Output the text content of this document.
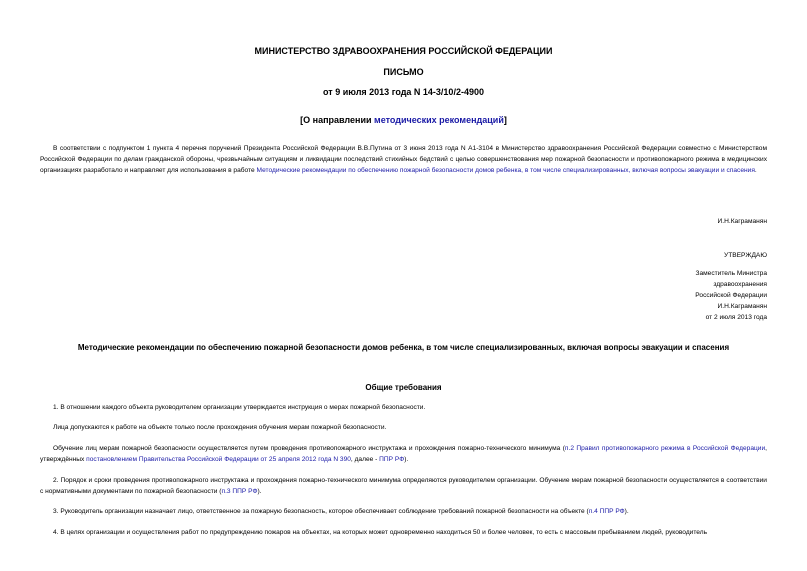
МИНИСТЕРСТВО ЗДРАВООХРАНЕНИЯ РОССИЙСКОЙ ФЕДЕРАЦИИ
ПИСЬМО
от 9 июля 2013 года N 14-3/10/2-4900
[О направлении методических рекомендаций]
В соответствии с подпунктом 1 пункта 4 перечня поручений Президента Российской Федерации В.В.Путина от 3 июня 2013 года N А1-3104 в Министерство здравоохранения Российской Федерации совместно с Министерством Российской Федерации по делам гражданской обороны, чрезвычайным ситуациям и ликвидации последствий стихийных бедствий с целью совершенствования мер пожарной безопасности и противопожарного режима в медицинских организациях разработало и направляет для использования в работе Методические рекомендации по обеспечению пожарной безопасности домов ребенка, в том числе специализированных, включая вопросы эвакуации и спасения.
И.Н.Каграманян
УТВЕРЖДАЮ
Заместитель Министра
здравоохранения
Российской Федерации
И.Н.Каграманян
от 2 июля 2013 года
Методические рекомендации по обеспечению пожарной безопасности домов ребенка, в том числе специализированных, включая вопросы эвакуации и спасения
Общие требования
1. В отношении каждого объекта руководителем организации утверждается инструкция о мерах пожарной безопасности.
Лица допускаются к работе на объекте только после прохождения обучения мерам пожарной безопасности.
Обучение лиц мерам пожарной безопасности осуществляется путем проведения противопожарного инструктажа и прохождения пожарно-технического минимума (п.2 Правил противопожарного режима в Российской Федерации, утверждённых постановлением Правительства Российской Федерации от 25 апреля 2012 года N 390, далее - ППР РФ).
2. Порядок и сроки проведения противопожарного инструктажа и прохождения пожарно-технического минимума определяются руководителем организации. Обучение мерам пожарной безопасности осуществляется в соответствии с нормативными документами по пожарной безопасности (п.3 ППР РФ).
3. Руководитель организации назначает лицо, ответственное за пожарную безопасность, которое обеспечивает соблюдение требований пожарной безопасности на объекте (п.4 ППР РФ).
4. В целях организации и осуществления работ по предупреждению пожаров на объектах, на которых может одновременно находиться 50 и более человек, то есть с массовым пребыванием людей, руководитель
